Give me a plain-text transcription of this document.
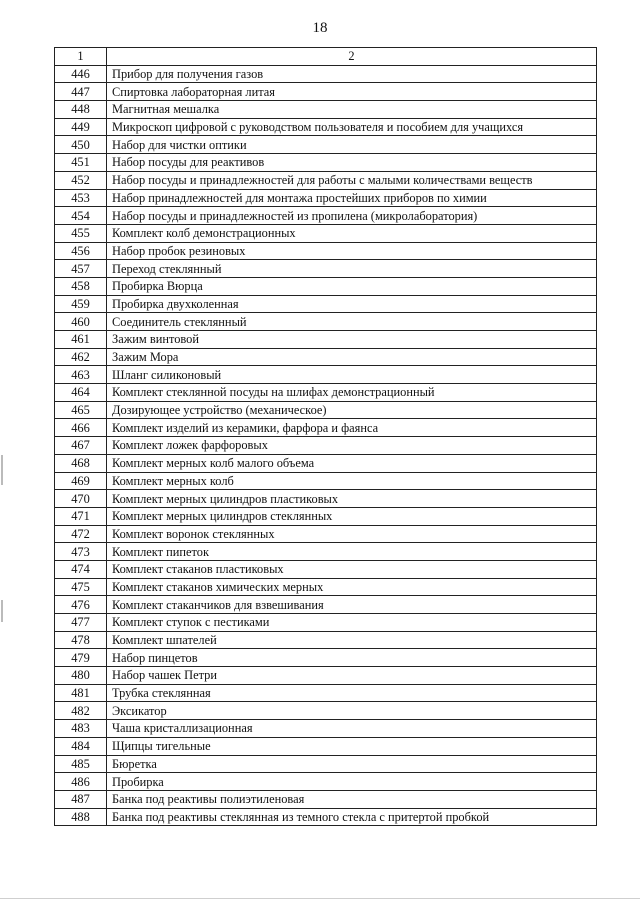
18
1	2
446	Прибор для получения газов
447	Спиртовка лабораторная литая
448	Магнитная мешалка
449	Микроскоп цифровой с руководством пользователя и пособием для учащихся
450	Набор для чистки оптики
451	Набор посуды для реактивов
452	Набор посуды и принадлежностей для работы с малыми количествами веществ
453	Набор принадлежностей для монтажа простейших приборов по химии
454	Набор посуды и принадлежностей из пропилена (микролаборатория)
455	Комплект колб демонстрационных
456	Набор пробок резиновых
457	Переход стеклянный
458	Пробирка Вюрца
459	Пробирка двухколенная
460	Соединитель стеклянный
461	Зажим винтовой
462	Зажим Мора
463	Шланг силиконовый
464	Комплект стеклянной посуды на шлифах демонстрационный
465	Дозирующее устройство (механическое)
466	Комплект изделий из керамики, фарфора и фаянса
467	Комплект ложек фарфоровых
468	Комплект мерных колб малого объема
469	Комплект мерных колб
470	Комплект мерных цилиндров пластиковых
471	Комплект мерных цилиндров стеклянных
472	Комплект воронок стеклянных
473	Комплект пипеток
474	Комплект стаканов пластиковых
475	Комплект стаканов химических мерных
476	Комплект стаканчиков для взвешивания
477	Комплект ступок с пестиками
478	Комплект шпателей
479	Набор пинцетов
480	Набор чашек Петри
481	Трубка стеклянная
482	Эксикатор
483	Чаша кристаллизационная
484	Щипцы тигельные
485	Бюретка
486	Пробирка
487	Банка под реактивы полиэтиленовая
488	Банка под реактивы стеклянная из темного стекла с притертой пробкой
